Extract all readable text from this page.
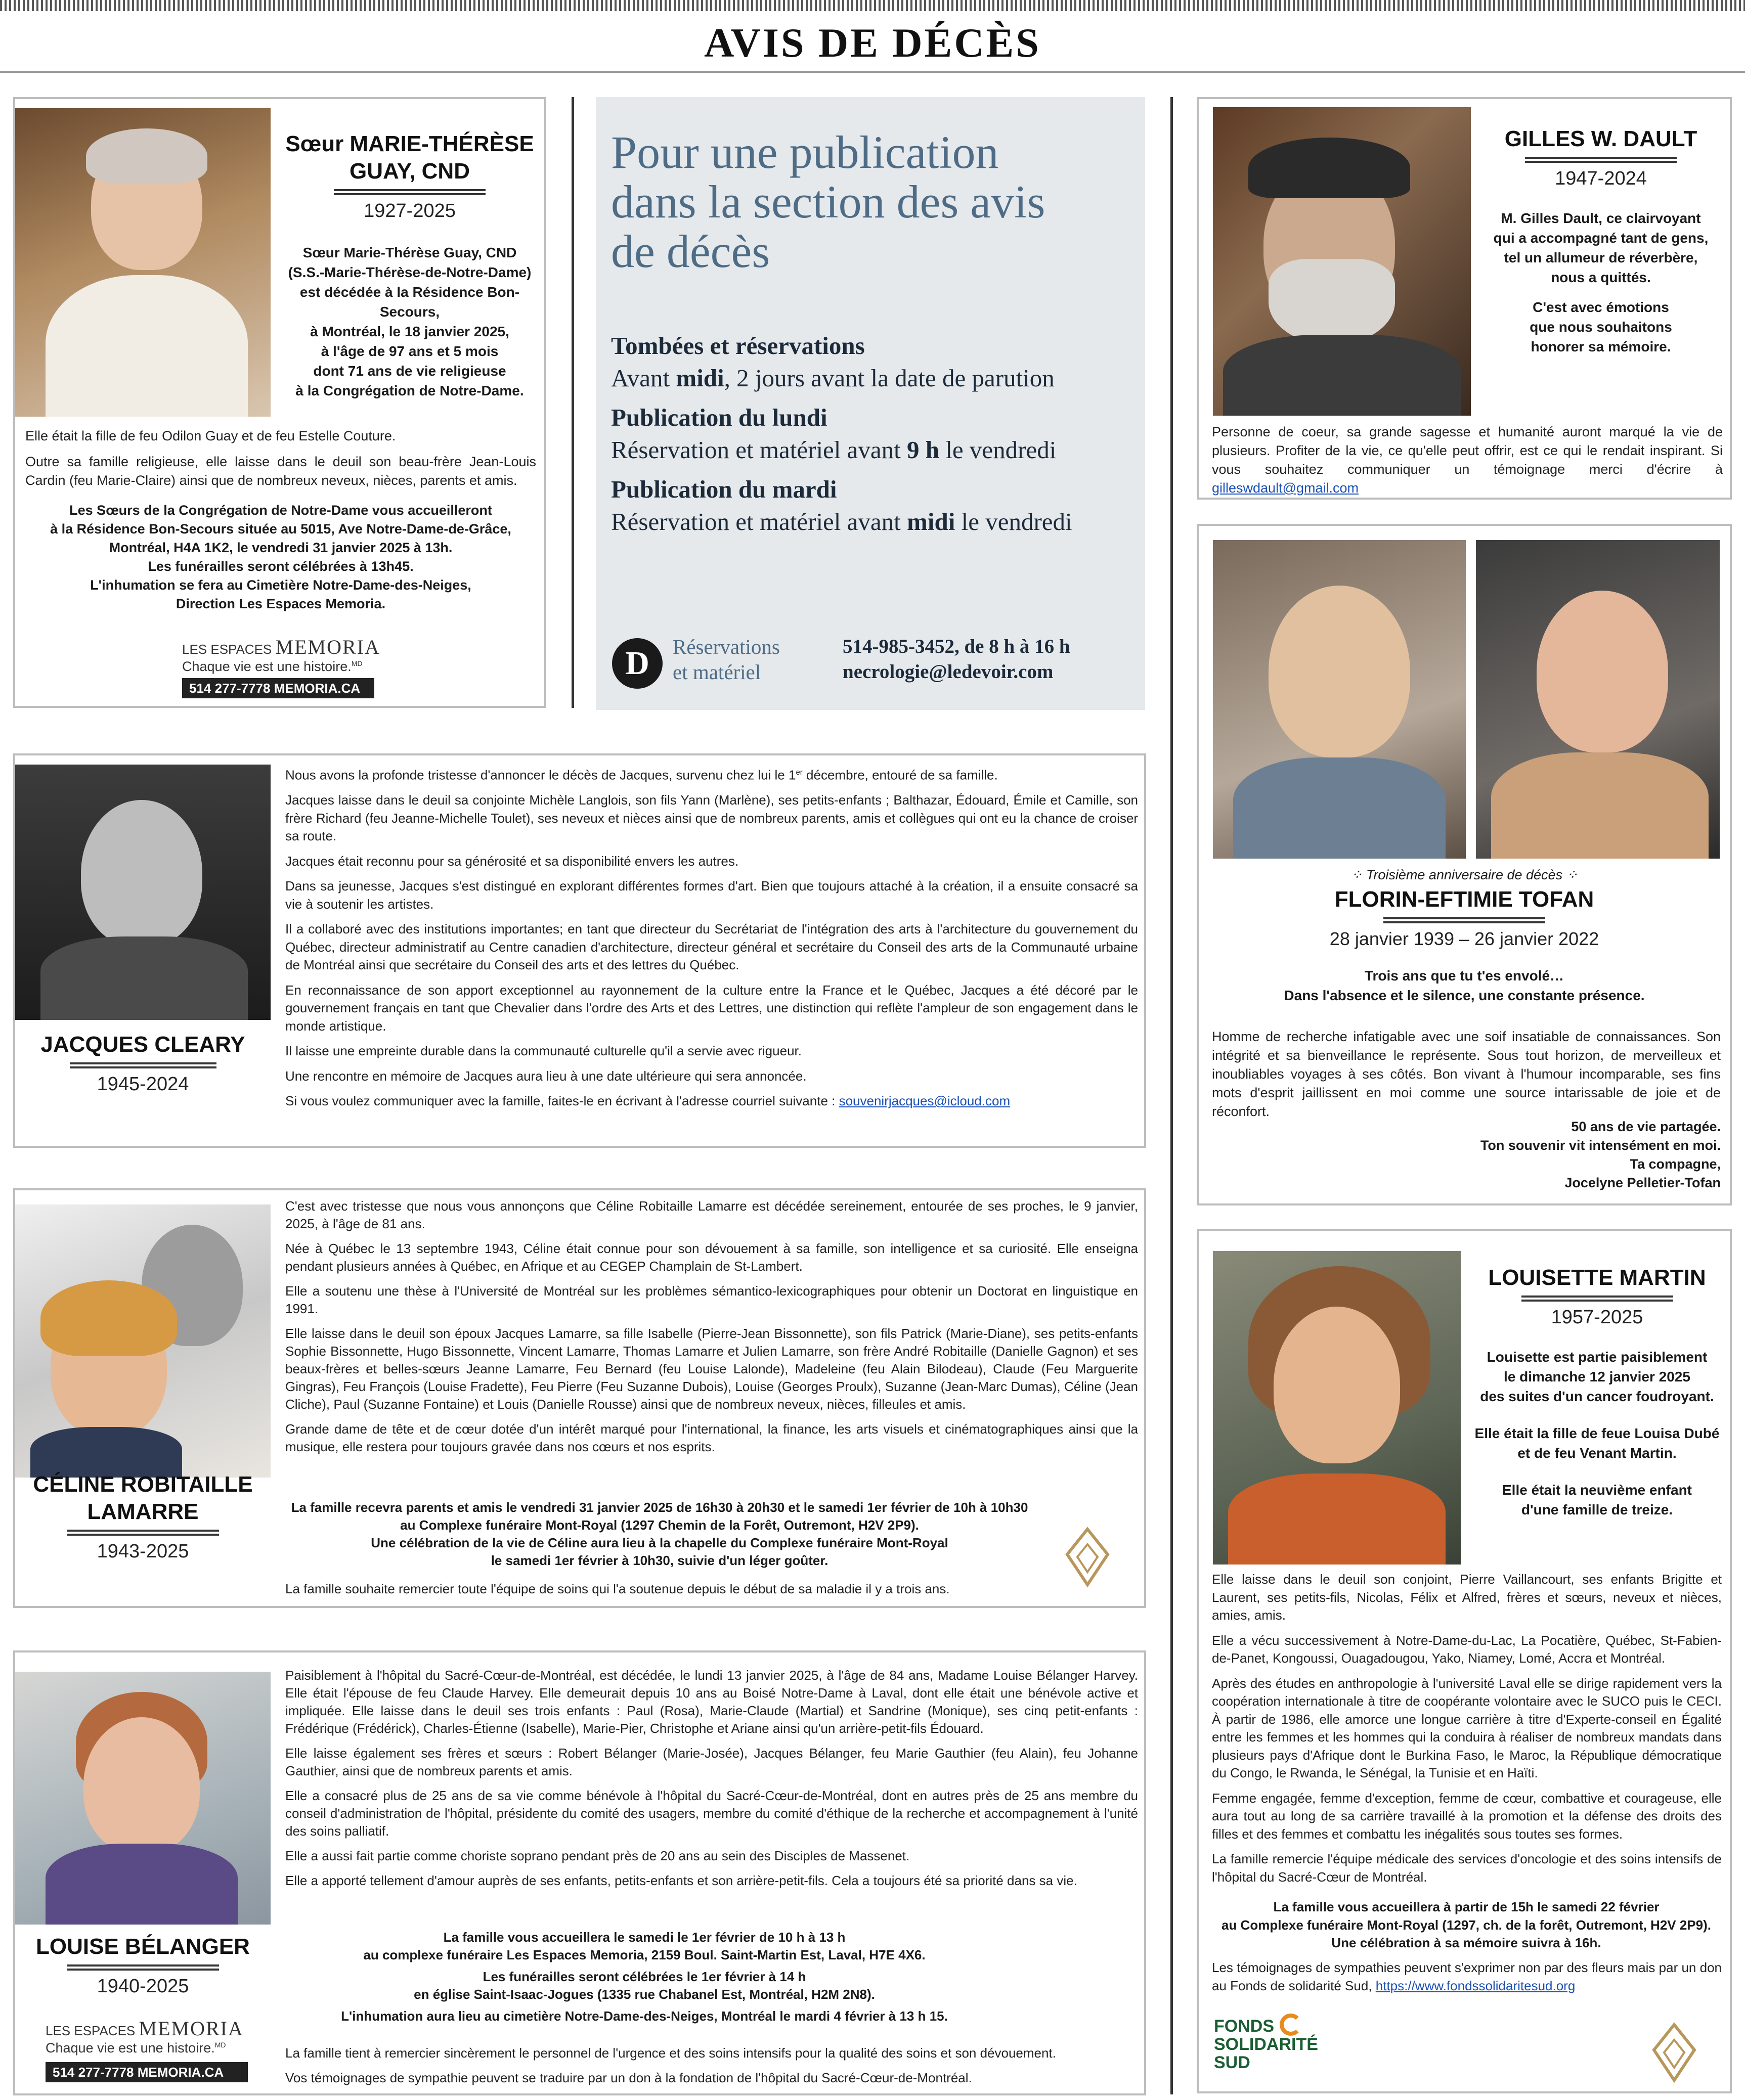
AVIS DE DÉCÈS
Sœur MARIE-THÉRÈSE
GUAY, CND
1927-2025
Sœur Marie-Thérèse Guay, CND
(S.S.-Marie-Thérèse-de-Notre-Dame)
est décédée à la Résidence Bon-Secours,
à Montréal, le 18 janvier 2025,
à l'âge de 97 ans et 5 mois
dont 71 ans de vie religieuse
à la Congrégation de Notre-Dame.

Elle était la fille de feu Odilon Guay et de feu Estelle Couture.

Outre sa famille religieuse, elle laisse dans le deuil son beau-frère Jean-Louis Cardin (feu Marie-Claire) ainsi que de nombreux neveux, nièces, parents et amis.

Les Sœurs de la Congrégation de Notre-Dame vous accueilleront
à la Résidence Bon-Secours située au 5015, Ave Notre-Dame-de-Grâce,
Montréal, H4A 1K2, le vendredi 31 janvier 2025 à 13h.
Les funérailles seront célébrées à 13h45.
L'inhumation se fera au Cimetière Notre-Dame-des-Neiges,
Direction Les Espaces Memoria.
LES ESPACES MEMORIA
Chaque vie est une histoire.$^{MD}$
514 277-7778 MEMORIA.CA
Pour une publication
dans la section des avis
de décès
Tombées et réservations
Avant midi, 2 jours avant la date de parution
Publication du lundi
Réservation et matériel avant 9 h le vendredi
Publication du mardi
Réservation et matériel avant midi le vendredi
D	Réservations
et matériel
514-985-3452, de 8 h à 16 h
necrologie@ledevoir.com
GILLES W. DAULT
1947-2024
M. Gilles Dault, ce clairvoyant
qui a accompagné tant de gens,
tel un allumeur de réverbère,
nous a quittés.
C'est avec émotions
que nous souhaitons
honorer sa mémoire.
Personne de coeur, sa grande sagesse et humanité auront marqué la vie de plusieurs. Profiter de la vie, ce qu'elle peut offrir, est ce qui le rendait inspirant. Si vous souhaitez communiquer un témoignage merci d'écrire à gilleswdault@gmail.com
⁘ Troisième anniversaire de décès ⁘
FLORIN-EFTIMIE TOFAN
28 janvier 1939 – 26 janvier 2022
Trois ans que tu t'es envolé…
Dans l'absence et le silence, une constante présence.
Homme de recherche infatigable avec une soif insatiable de connaissances. Son intégrité et sa bienveillance le représente. Sous tout horizon, de merveilleux et inoubliables voyages à ses côtés. Bon vivant à l'humour incomparable, ses fins mots d'esprit jaillissent en moi comme une source intarissable de joie et de réconfort.
50 ans de vie partagée.
Ton souvenir vit intensément en moi.
Ta compagne,
Jocelyne Pelletier-Tofan
JACQUES CLEARY
1945-2024

Nous avons la profonde tristesse d'annoncer le décès de Jacques, survenu chez lui le 1er décembre, entouré de sa famille.

Jacques laisse dans le deuil sa conjointe Michèle Langlois, son fils Yann (Marlène), ses petits-enfants ; Balthazar, Édouard, Émile et Camille, son frère Richard (feu Jeanne-Michelle Toulet), ses neveux et nièces ainsi que de nombreux parents, amis et collègues qui ont eu la chance de croiser sa route.

Jacques était reconnu pour sa générosité et sa disponibilité envers les autres.

Dans sa jeunesse, Jacques s'est distingué en explorant différentes formes d'art. Bien que toujours attaché à la création, il a ensuite consacré sa vie à soutenir les artistes.

Il a collaboré avec des institutions importantes; en tant que directeur du Secrétariat de l'intégration des arts à l'architecture du gouvernement du Québec, directeur administratif au Centre canadien d'architecture, directeur général et secrétaire du Conseil des arts de la Communauté urbaine de Montréal ainsi que secrétaire du Conseil des arts et des lettres du Québec.

En reconnaissance de son apport exceptionnel au rayonnement de la culture entre la France et le Québec, Jacques a été décoré par le gouvernement français en tant que Chevalier dans l'ordre des Arts et des Lettres, une distinction qui reflète l'ampleur de son engagement dans le monde artistique.

Il laisse une empreinte durable dans la communauté culturelle qu'il a servie avec rigueur.

Une rencontre en mémoire de Jacques aura lieu à une date ultérieure qui sera annoncée.

Si vous voulez communiquer avec la famille, faites-le en écrivant à l'adresse courriel suivante : souvenirjacques@icloud.com

CÉLINE ROBITAILLE
LAMARRE
1943-2025

C'est avec tristesse que nous vous annonçons que Céline Robitaille Lamarre est décédée sereinement, entourée de ses proches, le 9 janvier, 2025, à l'âge de 81 ans.

Née à Québec le 13 septembre 1943, Céline était connue pour son dévouement à sa famille, son intelligence et sa curiosité. Elle enseigna pendant plusieurs années à Québec, en Afrique et au CEGEP Champlain de St-Lambert.

Elle a soutenu une thèse à l'Université de Montréal sur les problèmes sémantico-lexicographiques pour obtenir un Doctorat en linguistique en 1991.

Elle laisse dans le deuil son époux Jacques Lamarre, sa fille Isabelle (Pierre-Jean Bissonnette), son fils Patrick (Marie-Diane), ses petits-enfants Sophie Bissonnette, Hugo Bissonnette, Vincent Lamarre, Thomas Lamarre et Julien Lamarre, son frère André Robitaille (Danielle Gagnon) et ses beaux-frères et belles-sœurs Jeanne Lamarre, Feu Bernard (feu Louise Lalonde), Madeleine (feu Alain Bilodeau), Claude (Feu Marguerite Gingras), Feu François (Louise Fradette), Feu Pierre (Feu Suzanne Dubois), Louise (Georges Proulx), Suzanne (Jean-Marc Dumas), Céline (Jean Cliche), Paul (Suzanne Fontaine) et Louis (Danielle Rousse) ainsi que de nombreux neveux, nièces, filleules et amis.

Grande dame de tête et de cœur dotée d'un intérêt marqué pour l'international, la finance, les arts visuels et cinématographiques ainsi que la musique, elle restera pour toujours gravée dans nos cœurs et nos esprits.

La famille recevra parents et amis le vendredi 31 janvier 2025 de 16h30 à 20h30 et le samedi 1er février de 10h à 10h30
au Complexe funéraire Mont-Royal (1297 Chemin de la Forêt, Outremont, H2V 2P9).
Une célébration de la vie de Céline aura lieu à la chapelle du Complexe funéraire Mont-Royal
le samedi 1er février à 10h30, suivie d'un léger goûter.
La famille souhaite remercier toute l'équipe de soins qui l'a soutenue depuis le début de sa maladie il y a trois ans.
LOUISETTE MARTIN
1957-2025
Louisette est partie paisiblement
le dimanche 12 janvier 2025
des suites d'un cancer foudroyant.
Elle était la fille de feue Louisa Dubé
et de feu Venant Martin.
Elle était la neuvième enfant
d'une famille de treize.

Elle laisse dans le deuil son conjoint, Pierre Vaillancourt, ses enfants Brigitte et Laurent, ses petits-fils, Nicolas, Félix et Alfred, frères et sœurs, neveux et nièces, amies, amis.

Elle a vécu successivement à Notre-Dame-du-Lac, La Pocatière, Québec, St-Fabien-de-Panet, Kongoussi, Ouagadougou, Yako, Niamey, Lomé, Accra et Montréal.

Après des études en anthropologie à l'université Laval elle se dirige rapidement vers la coopération internationale à titre de coopérante volontaire avec le SUCO puis le CECI. À partir de 1986, elle amorce une longue carrière à titre d'Experte-conseil en Égalité entre les femmes et les hommes qui la conduira à réaliser de nombreux mandats dans plusieurs pays d'Afrique dont le Burkina Faso, le Maroc, la République démocratique du Congo, le Rwanda, le Sénégal, la Tunisie et en Haïti.

Femme engagée, femme d'exception, femme de cœur, combattive et courageuse, elle aura tout au long de sa carrière travaillé à la promotion et la défense des droits des filles et des femmes et combattu les inégalités sous toutes ses formes.

La famille remercie l'équipe médicale des services d'oncologie et des soins intensifs de l'hôpital du Sacré-Cœur de Montréal.

La famille vous accueillera à partir de 15h le samedi 22 février
au Complexe funéraire Mont-Royal (1297, ch. de la forêt, Outremont, H2V 2P9).
Une célébration à sa mémoire suivra à 16h.
Les témoignages de sympathies peuvent s'exprimer non par des fleurs mais par un don au Fonds de solidarité Sud, https://www.fondssolidaritesud.org
FONDS
SOLIDARITÉ
SUD
LOUISE BÉLANGER
1940-2025
LES ESPACES MEMORIA
Chaque vie est une histoire.$^{MD}$
514 277-7778 MEMORIA.CA

Paisiblement à l'hôpital du Sacré-Cœur-de-Montréal, est décédée, le lundi 13 janvier 2025, à l'âge de 84 ans, Madame Louise Bélanger Harvey. Elle était l'épouse de feu Claude Harvey. Elle demeurait depuis 10 ans au Boisé Notre-Dame à Laval, dont elle était une bénévole active et impliquée. Elle laisse dans le deuil ses trois enfants : Paul (Rosa), Marie-Claude (Martial) et Sandrine (Monique), ses cinq petit-enfants : Frédérique (Frédérick), Charles-Étienne (Isabelle), Marie-Pier, Christophe et Ariane ainsi qu'un arrière-petit-fils Édouard.

Elle laisse également ses frères et sœurs : Robert Bélanger (Marie-Josée), Jacques Bélanger, feu Marie Gauthier (feu Alain), feu Johanne Gauthier, ainsi que de nombreux parents et amis.

Elle a consacré plus de 25 ans de sa vie comme bénévole à l'hôpital du Sacré-Cœur-de-Montréal, dont en autres près de 25 ans membre du conseil d'administration de l'hôpital, présidente du comité des usagers, membre du comité d'éthique de la recherche et accompagnement à l'unité des soins palliatif.

Elle a aussi fait partie comme choriste soprano pendant près de 20 ans au sein des Disciples de Massenet.

Elle a apporté tellement d'amour auprès de ses enfants, petits-enfants et son arrière-petit-fils. Cela a toujours été sa priorité dans sa vie.

La famille vous accueillera le samedi le 1er février de 10 h à 13 h
au complexe funéraire Les Espaces Memoria, 2159 Boul. Saint-Martin Est, Laval, H7E 4X6.
Les funérailles seront célébrées le 1er février à 14 h
en église Saint-Isaac-Jogues (1335 rue Chabanel Est, Montréal, H2M 2N8).
L'inhumation aura lieu au cimetière Notre-Dame-des-Neiges, Montréal le mardi 4 février à 13 h 15.

La famille tient à remercier sincèrement le personnel de l'urgence et des soins intensifs pour la qualité des soins et son dévouement.

Vos témoignages de sympathie peuvent se traduire par un don à la fondation de l'hôpital du Sacré-Cœur-de-Montréal.
